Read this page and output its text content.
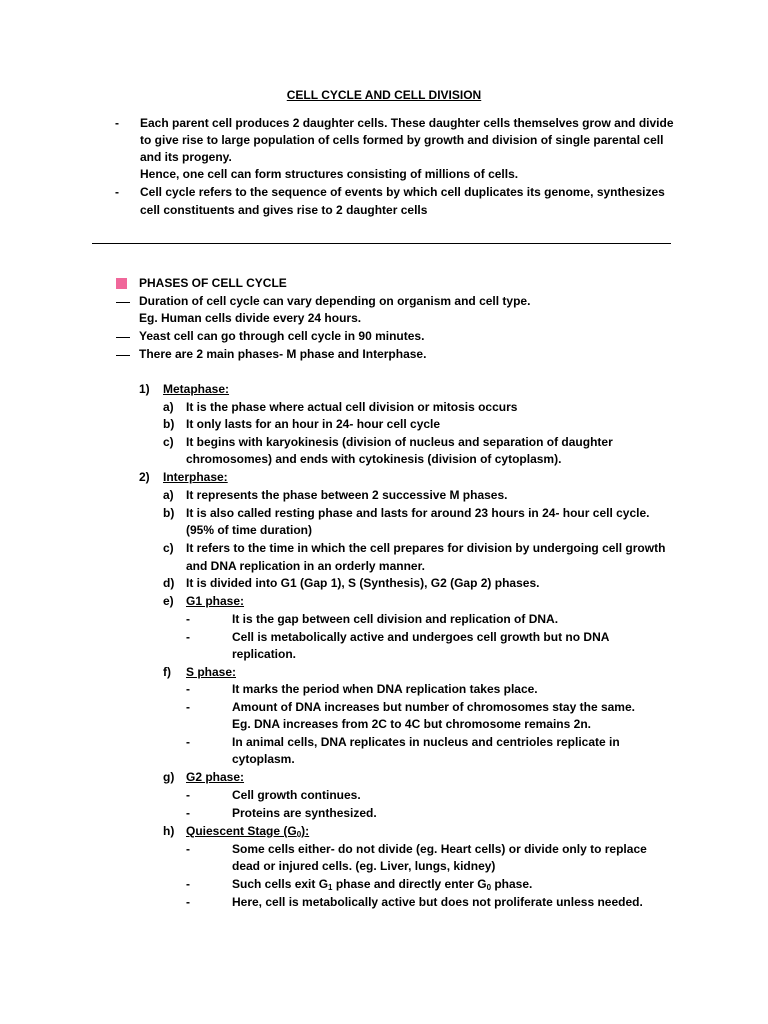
CELL CYCLE AND CELL DIVISION
- Each parent cell produces 2 daughter cells. These daughter cells themselves grow and divide
to give rise to large population of cells formed by growth and division of single parental cell
and its progeny.
Hence, one cell can form structures consisting of millions of cells.
- Cell cycle refers to the sequence of events by which cell duplicates its genome, synthesizes
cell constituents and gives rise to 2 daughter cells
PHASES OF CELL CYCLE
Duration of cell cycle can vary depending on organism and cell type.
Eg. Human cells divide every 24 hours.
Yeast cell can go through cell cycle in 90 minutes.
There are 2 main phases- M phase and Interphase.
1) Metaphase:
a) It is the phase where actual cell division or mitosis occurs
b) It only lasts for an hour in 24- hour cell cycle
c) It begins with karyokinesis (division of nucleus and separation of daughter
chromosomes) and ends with cytokinesis (division of cytoplasm).
2) Interphase:
a) It represents the phase between 2 successive M phases.
b) It is also called resting phase and lasts for around 23 hours in 24- hour cell cycle.
(95% of time duration)
c) It refers to the time in which the cell prepares for division by undergoing cell growth
and DNA replication in an orderly manner.
d) It is divided into G1 (Gap 1), S (Synthesis), G2 (Gap 2) phases.
e) G1 phase:
-	It is the gap between cell division and replication of DNA.
-	Cell is metabolically active and undergoes cell growth but no DNA
replication.
f) S phase:
-	It marks the period when DNA replication takes place.
-	Amount of DNA increases but number of chromosomes stay the same.
Eg. DNA increases from 2C to 4C but chromosome remains 2n.
-	In animal cells, DNA replicates in nucleus and centrioles replicate in
cytoplasm.
g) G2 phase:
-	Cell growth continues.
-	Proteins are synthesized.
h) Quiescent Stage $(G_0)$:
-	Some cells either- do not divide (eg. Heart cells) or divide only to replace
dead or injured cells. (eg. Liver, lungs, kidney)
-	Such cells exit $G_1$ phase and directly enter $G_0$ phase.
-	Here, cell is metabolically active but does not proliferate unless needed.
